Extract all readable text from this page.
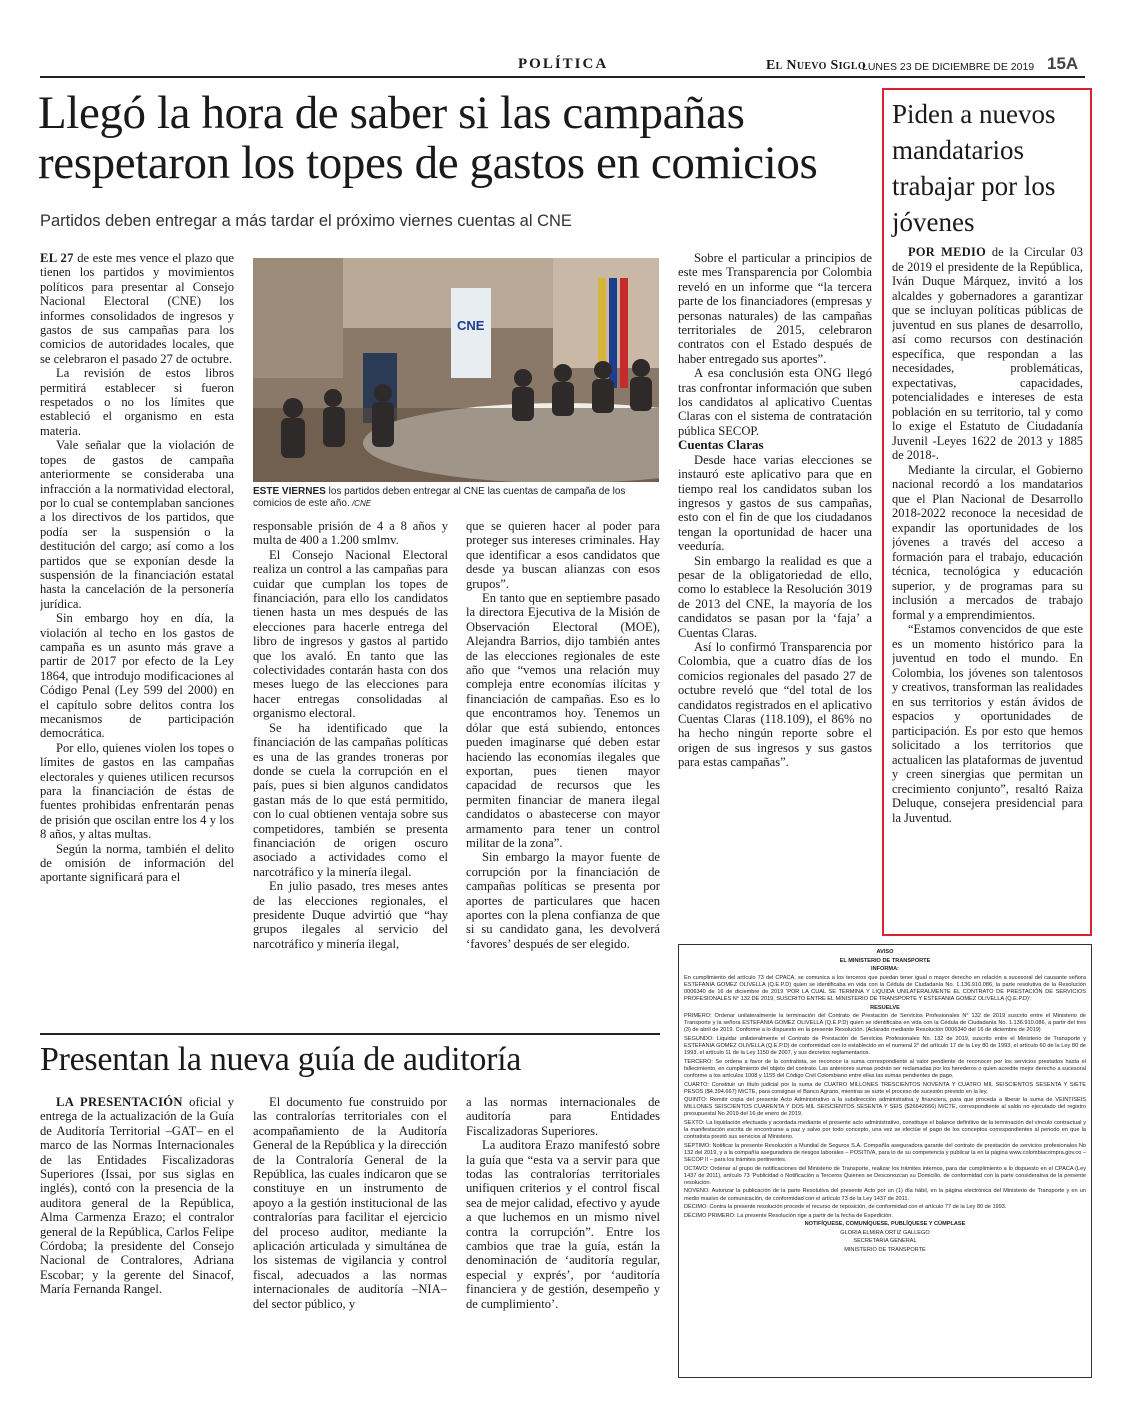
POLÍTICA	El Nuevo Siglo
LUNES 23 DE DICIEMBRE DE 2019 15A
Llegó la hora de saber si las campañas
respetaron los topes de gastos en comicios
Partidos deben entregar a más tardar el próximo viernes cuentas al CNE
CNE
ESTE VIERNES los partidos deben entregar al CNE las cuentas de campaña de los comicios de este año. /CNE

EL 27 de este mes vence el plazo que tienen los partidos y movimientos políticos para presentar al Consejo Nacional Electoral (CNE) los informes consolidados de ingresos y gastos de sus campañas para los comicios de autoridades locales, que se celebraron el pasado 27 de octubre.

La revisión de estos libros permitirá establecer si fueron respetados o no los límites que estableció el organismo en esta materia.

Vale señalar que la violación de topes de gastos de campaña anteriormente se consideraba una infracción a la normatividad electoral, por lo cual se contemplaban sanciones a los directivos de los partidos, que podía ser la suspensión o la destitución del cargo; así como a los partidos que se exponían desde la suspensión de la financiación estatal hasta la cancelación de la personería jurídica.

Sin embargo hoy en día, la violación al techo en los gastos de campaña es un asunto más grave a partir de 2017 por efecto de la Ley 1864, que introdujo modificaciones al Código Penal (Ley 599 del 2000) en el capítulo sobre delitos contra los mecanismos de participación democrática.

Por ello, quienes violen los topes o límites de gastos en las campañas electorales y quienes utilicen recursos para la financiación de éstas de fuentes prohibidas enfrentarán penas de prisión que oscilan entre los 4 y los 8 años, y altas multas.

Según la norma, también el delito de omisión de información del aportante significará para el

responsable prisión de 4 a 8 años y multa de 400 a 1.200 smlmv.

El Consejo Nacional Electoral realiza un control a las campañas para cuidar que cumplan los topes de financiación, para ello los candidatos tienen hasta un mes después de las elecciones para hacerle entrega del libro de ingresos y gastos al partido que los avaló. En tanto que las colectividades contarán hasta con dos meses luego de las elecciones para hacer entregas consolidadas al organismo electoral.

Se ha identificado que la financiación de las campañas políticas es una de las grandes troneras por donde se cuela la corrupción en el país, pues si bien algunos candidatos gastan más de lo que está permitido, con lo cual obtienen ventaja sobre sus competidores, también se presenta financiación de origen oscuro asociado a actividades como el narcotráfico y la minería ilegal.

En julio pasado, tres meses antes de las elecciones regionales, el presidente Duque advirtió que “hay grupos ilegales al servicio del narcotráfico y minería ilegal,

que se quieren hacer al poder para proteger sus intereses criminales. Hay que identificar a esos candidatos que desde ya buscan alianzas con esos grupos”.

En tanto que en septiembre pasado la directora Ejecutiva de la Misión de Observación Electoral (MOE), Alejandra Barrios, dijo también antes de las elecciones regionales de este año que “vemos una relación muy compleja entre economías ilícitas y financiación de campañas. Eso es lo que encontramos hoy. Tenemos un dólar que está subiendo, entonces pueden imaginarse qué deben estar haciendo las economías ilegales que exportan, pues tienen mayor capacidad de recursos que les permiten financiar de manera ilegal candidatos o abastecerse con mayor armamento para tener un control militar de la zona”.

Sin embargo la mayor fuente de corrupción por la financiación de campañas políticas se presenta por aportes de particulares que hacen aportes con la plena confianza de que si su candidato gana, les devolverá ‘favores’ después de ser elegido.

Sobre el particular a principios de este mes Transparencia por Colombia reveló en un informe que “la tercera parte de los financiadores (empresas y personas naturales) de las campañas territoriales de 2015, celebraron contratos con el Estado después de haber entregado sus aportes”.

A esa conclusión esta ONG llegó tras confrontar información que suben los candidatos al aplicativo Cuentas Claras con el sistema de contratación pública SECOP.

Cuentas Claras

Desde hace varias elecciones se instauró este aplicativo para que en tiempo real los candidatos suban los ingresos y gastos de sus campañas, esto con el fin de que los ciudadanos tengan la oportunidad de hacer una veeduría.

Sin embargo la realidad es que a pesar de la obligatoriedad de ello, como lo establece la Resolución 3019 de 2013 del CNE, la mayoría de los candidatos se pasan por la ‘faja’ a Cuentas Claras.

Así lo confirmó Transparencia por Colombia, que a cuatro días de los comicios regionales del pasado 27 de octubre reveló que “del total de los candidatos registrados en el aplicativo Cuentas Claras (118.109), el 86% no ha hecho ningún reporte sobre el origen de sus ingresos y sus gastos para estas campañas”.

Piden a nuevos mandatarios trabajar por los jóvenes

POR MEDIO de la Circular 03 de 2019 el presidente de la República, Iván Duque Márquez, invitó a los alcaldes y gobernadores a garantizar que se incluyan políticas públicas de juventud en sus planes de desarrollo, así como recursos con destinación específica, que respondan a las necesidades, problemáticas, expectativas, capacidades, potencialidades e intereses de esta población en su territorio, tal y como lo exige el Estatuto de Ciudadanía Juvenil -Leyes 1622 de 2013 y 1885 de 2018-.

Mediante la circular, el Gobierno nacional recordó a los mandatarios que el Plan Nacional de Desarrollo 2018-2022 reconoce la necesidad de expandir las oportunidades de los jóvenes a través del acceso a formación para el trabajo, educación técnica, tecnológica y educación superior, y de programas para su inclusión a mercados de trabajo formal y a emprendimientos.

“Estamos convencidos de que este es un momento histórico para la juventud en todo el mundo. En Colombia, los jóvenes son talentosos y creativos, transforman las realidades en sus territorios y están ávidos de espacios y oportunidades de participación. Es por esto que hemos solicitado a los territorios que actualicen las plataformas de juventud y creen sinergias que permitan un crecimiento conjunto”, resaltó Raiza Deluque, consejera presidencial para la Juventud.

Presentan la nueva guía de auditoría

LA PRESENTACIÓN oficial y entrega de la actualización de la Guía de Auditoría Territorial –GAT– en el marco de las Normas Internacionales de las Entidades Fiscalizadoras Superiores (Issai, por sus siglas en inglés), contó con la presencia de la auditora general de la República, Alma Carmenza Erazo; el contralor general de la República, Carlos Felipe Córdoba; la presidente del Consejo Nacional de Contralores, Adriana Escobar; y la gerente del Sinacof, María Fernanda Rangel.

El documento fue construido por las contralorías territoriales con el acompañamiento de la Auditoría General de la República y la dirección de la Contraloría General de la República, las cuales indicaron que se constituye en un instrumento de apoyo a la gestión institucional de las contralorías para facilitar el ejercicio del proceso auditor, mediante la aplicación articulada y simultánea de los sistemas de vigilancia y control fiscal, adecuados a las normas internacionales de auditoría –NIA– del sector público, y

a las normas internacionales de auditoría para Entidades Fiscalizadoras Superiores.

La auditora Erazo manifestó sobre la guía que “esta va a servir para que todas las contralorías territoriales unifiquen criterios y el control fiscal sea de mejor calidad, efectivo y ayude a que luchemos en un mismo nivel contra la corrupción”. Entre los cambios que trae la guía, están la denominación de ‘auditoría regular, especial y exprés’, por ‘auditoría financiera y de gestión, desempeño y de cumplimiento’.

AVISO

EL MINISTERIO DE TRANSPORTE

INFORMA:

En cumplimiento del artículo 73 del CPACA, se comunica a los terceros que puedan tener igual o mayor derecho en relación a sucesoral del causante señora ESTEFANIA GOMEZ OLIVELLA (Q.E.P.D) quien se identificaba en vida con la Cédula de Ciudadanía No. 1.136.910.086, la parte resolutiva de la Resolución 0006340 de 16 de diciembre de 2019 ‘POR LA CUAL SE TERMINA Y LIQUIDA UNILATERALMENTE EL CONTRATO DE PRESTACIÓN DE SERVICIOS PROFESIONALES N° 132 DE 2019, SUSCRITO ENTRE EL MINISTERIO DE TRANSPORTE Y ESTEFANIA GOMEZ OLIVELLA (Q.E.P.D)’:

RESUELVE

PRIMERO: Ordenar unilateralmente la terminación del Contrato de Prestación de Servicios Profesionales N° 132 de 2019 suscrito entre el Ministerio de Transporte y la señora ESTEFANIA GOMEZ OLIVELLA (Q.E.P.D) quien se identificaba en vida con la Cédula de Ciudadanía No. 1.136.910.086, a partir del tres (3) de abril de 2019. Conforme a lo dispuesto en la presente Resolución. (Aclarado mediante Resolución 0006340 del 16 de diciembre de 2019)

SEGUNDO: Liquidar unilateralmente el Contrato de Prestación de Servicios Profesionales No. 132 de 2019, suscrito entre el Ministerio de Transporte y ESTEFANIA GOMEZ OLIVELLA (Q.E.P.D) de conformidad con lo establecido en el numeral 2° del artículo 17 de la Ley 80 de 1993, el artículo 60 de la Ley 80 de 1993, el artículo 11 de la Ley 1150 de 2007, y sus decretos reglamentarios.

TERCERO: Se ordena a favor de la contratista, se reconoce la suma correspondiente al valor pendiente de reconocer por los servicios prestados hasta el fallecimiento, en cumplimiento del objeto del contrato. Las anteriores sumas podrán ser reclamadas por los herederos o quien acredite mejor derecho a sucesoral conforme a los artículos 1008 y 1155 del Código Civil Colombiano entre ellas las sumas pendientes de pago.

CUARTO: Constituir un título judicial por la suma de CUATRO MILLONES TRESCIENTOS NOVENTA Y CUATRO MIL SEISCIENTOS SESENTA Y SIETE PESOS ($4.394.667) M/CTE, para consignar el Banco Agrario, mientras se surte el proceso de sucesión previsto en la ley.

QUINTO: Remitir copia del presente Acto Administrativo a la subdirección administrativa y financiera, para que proceda a liberar la suma de VEINTISEIS MILLONES SEISCIENTOS CUARENTA Y DOS MIL SEISCIENTOS SESENTA Y SEIS ($26642666) M/CTE, correspondiente al saldo no ejecutado del registro presupuestal No 2019 del 16 de enero de 2019.

SEXTO: La liquidación efectuada y acordada mediante el presente acto administrativo, constituye el balance definitivo de la terminación del vínculo contractual y la manifestación escrita de encontrarse a paz y salvo por todo concepto, una vez se efectúe el pago de los conceptos correspondientes al periodo en que la contratista prestó sus servicios al Ministerio.

SÉPTIMO: Notificar la presente Resolución a Mundial de Seguros S.A. Compañía aseguradora garante del contrato de prestación de servicios profesionales No 132 del 2019, y a la compañía aseguradora de riesgos laborales – POSITIVA, para lo de su competencia y publicar la en la página www.colombiacompra.gov.co – SECOP II – para los trámites pertinentes.

OCTAVO: Ordenar al grupo de notificaciones del Ministerio de Transporte, realizar los trámites internos, para dar cumplimiento a lo dispuesto en el CPACA (Ley 1437 de 2011), artículo 73 ‘Publicidad o Notificación a Terceros Quienes se Desconozcan su Domicilio, de conformidad con la parte considerativa de la presente resolución.

NOVENO: Autorizar la publicación de la parte Resolutiva del presente Acto por un (1) día hábil, en la página electrónica del Ministerio de Transporte y en un medio masivo de comunicación, de conformidad con el artículo 73 de la Ley 1437 de 2011.

DÉCIMO: Contra la presente resolución procede el recurso de reposición, de conformidad con el artículo 77 de la Ley 80 de 1993.

DÉCIMO PRIMERO: La presente Resolución rige a partir de la fecha de Expedición.

NOTIFÍQUESE, COMUNÍQUESE, PUBLÍQUESE Y CÚMPLASE

GLORIA ELMIRA ORTIZ GALLEGO

SECRETARIA GENERAL

MINISTERIO DE TRANSPORTE
